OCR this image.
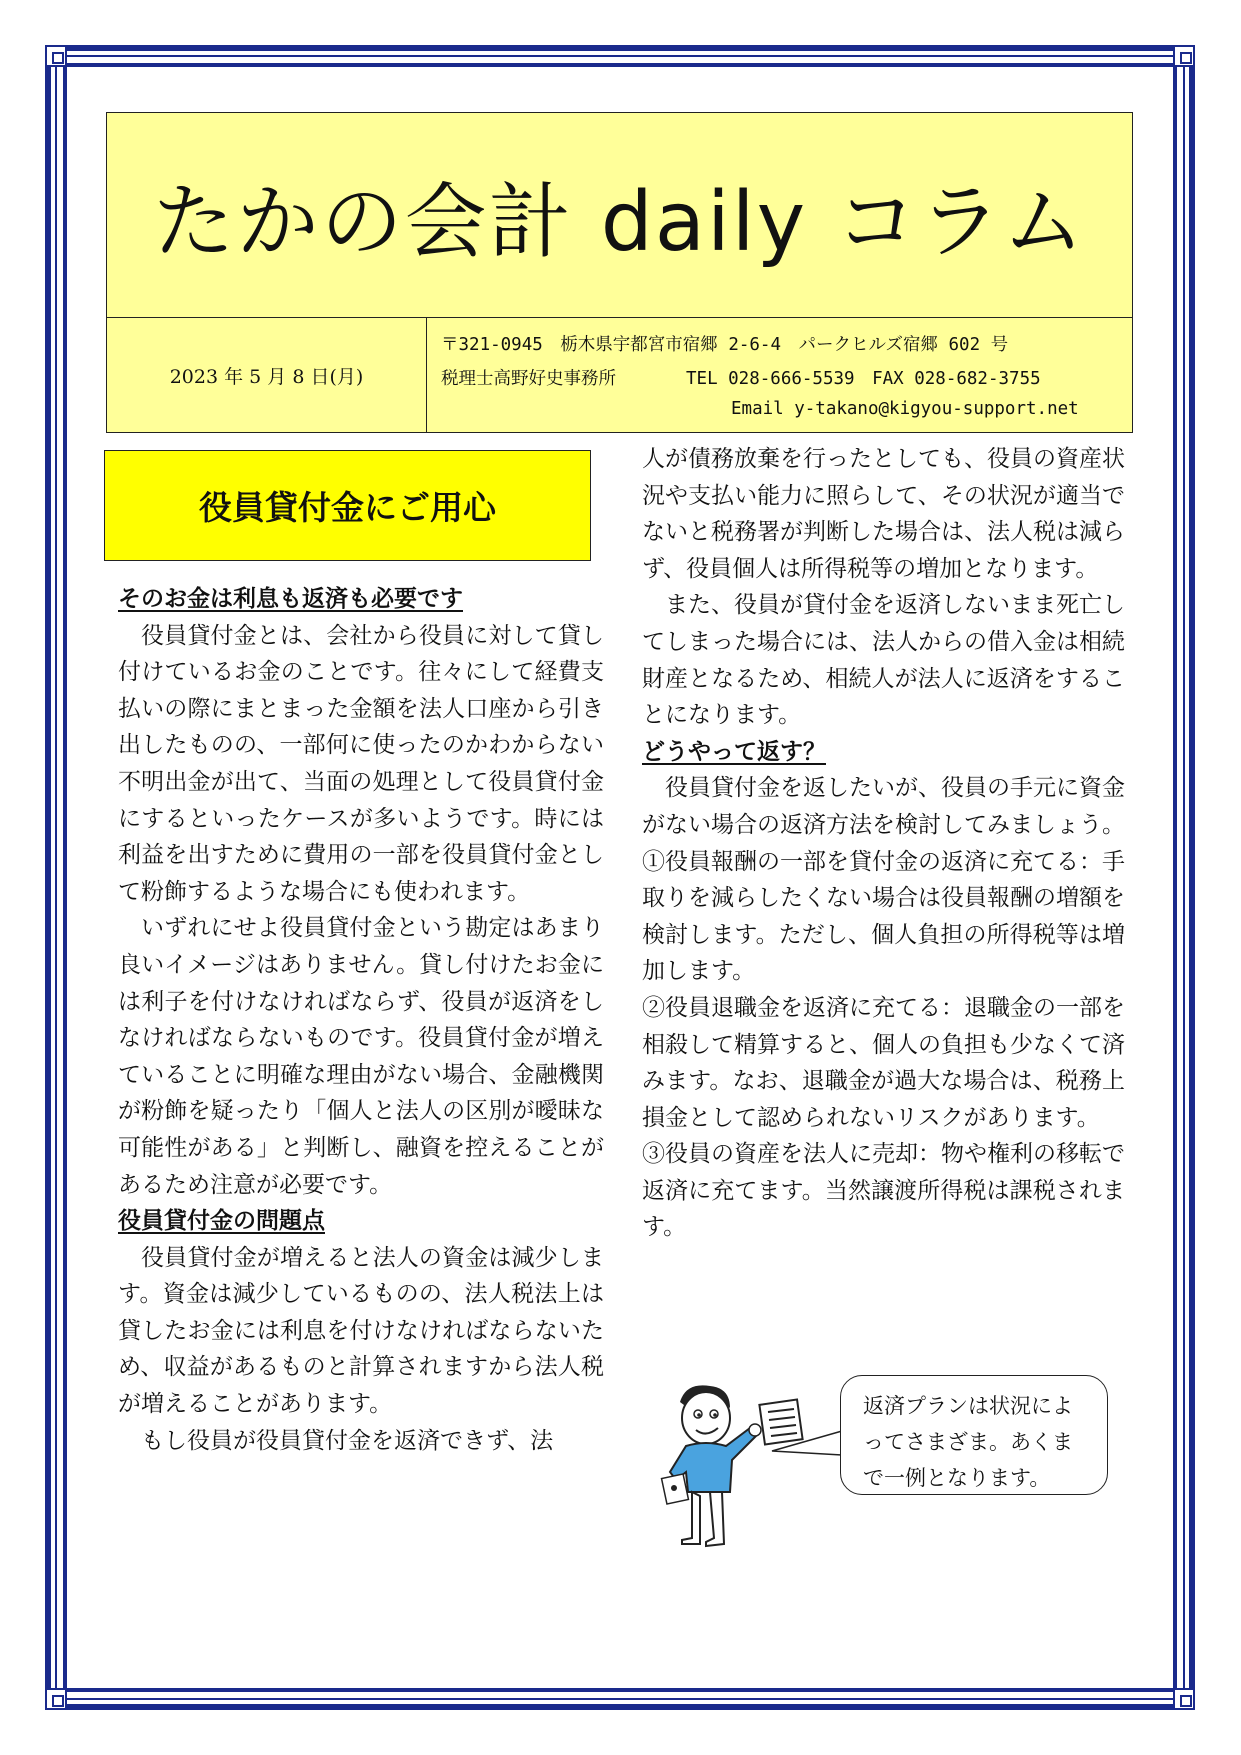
たかの会計 daily コラム
2023 年 5 月 8 日(月)
〒321-0945　栃木県宇都宮市宿郷 2-6-4　パークヒルズ宿郷 602 号
税理士高野好史事務所　　　　TEL 028-666-5539　FAX 028-682-3755
Email y-takano@kigyou-support.net
役員貸付金にご用心

そのお金は利息も返済も必要です

役員貸付金とは、会社から役員に対して貸し付けているお金のことです。往々にして経費支払いの際にまとまった金額を法人口座から引き出したものの、一部何に使ったのかわからない不明出金が出て、当面の処理として役員貸付金にするといったケースが多いようです。時には利益を出すために費用の一部を役員貸付金として粉飾するような場合にも使われます。

いずれにせよ役員貸付金という勘定はあまり良いイメージはありません。貸し付けたお金には利子を付けなければならず、役員が返済をしなければならないものです。役員貸付金が増えていることに明確な理由がない場合、金融機関が粉飾を疑ったり「個人と法人の区別が曖昧な可能性がある」と判断し、融資を控えることがあるため注意が必要です。

役員貸付金の問題点

役員貸付金が増えると法人の資金は減少します。資金は減少しているものの、法人税法上は貸したお金には利息を付けなければならないため、収益があるものと計算されますから法人税が増えることがあります。

もし役員が役員貸付金を返済できず、法

人が債務放棄を行ったとしても、役員の資産状況や支払い能力に照らして、その状況が適当でないと税務署が判断した場合は、法人税は減らず、役員個人は所得税等の増加となります。

また、役員が貸付金を返済しないまま死亡してしまった場合には、法人からの借入金は相続財産となるため、相続人が法人に返済をすることになります。

どうやって返す？

役員貸付金を返したいが、役員の手元に資金がない場合の返済方法を検討してみましょう。

①役員報酬の一部を貸付金の返済に充てる：手取りを減らしたくない場合は役員報酬の増額を検討します。ただし、個人負担の所得税等は増加します。

②役員退職金を返済に充てる：退職金の一部を相殺して精算すると、個人の負担も少なくて済みます。なお、退職金が過大な場合は、税務上損金として認められないリスクがあります。

③役員の資産を法人に売却：物や権利の移転で返済に充てます。当然譲渡所得税は課税されます。

返済プランは状況によってさまざま。あくまで一例となります。
